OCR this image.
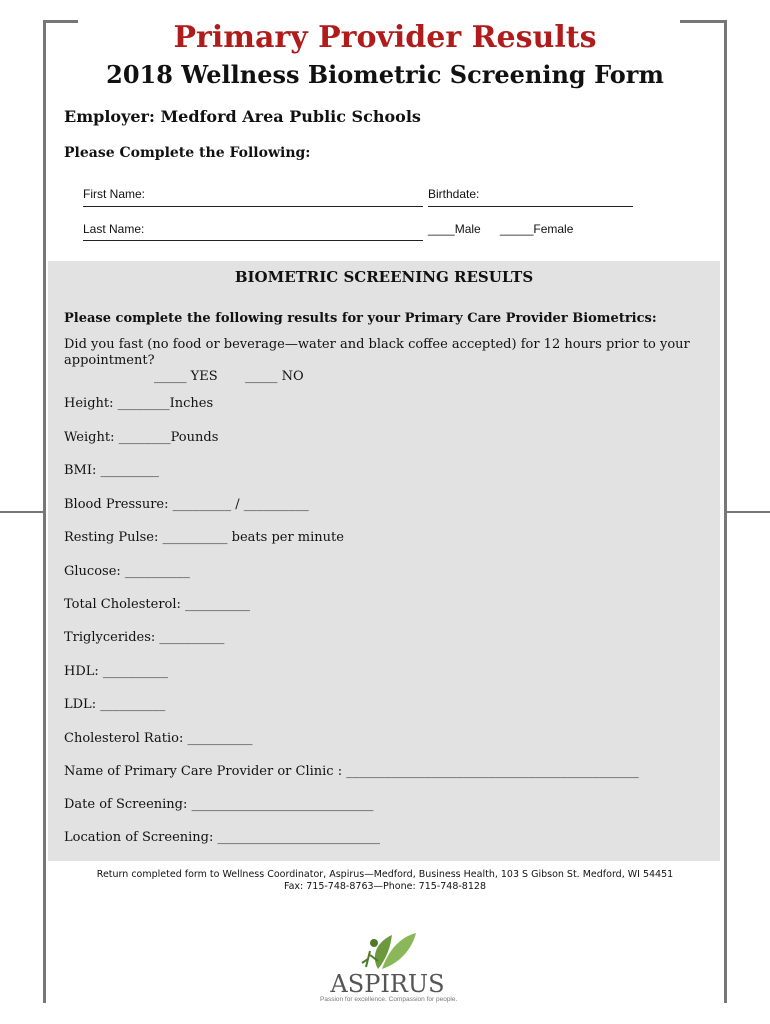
Primary Provider Results
2018 Wellness Biometric Screening Form
Employer: Medford Area Public Schools
Please Complete the Following:
First Name:	Birthdate:
Last Name:	____Male _____Female
BIOMETRIC SCREENING RESULTS
Please complete the following results for your Primary Care Provider Biometrics:
Did you fast (no food or beverage—water and black coffee accepted) for 12 hours prior to your appointment?
_____ YES _____ NO
Height: ________Inches
Weight: ________Pounds
BMI: _________
Blood Pressure: _________ / __________
Resting Pulse: __________ beats per minute
Glucose: __________
Total Cholesterol: __________
Triglycerides: __________
HDL: __________
LDL: __________
Cholesterol Ratio: __________
Name of Primary Care Provider or Clinic : _____________________________________________
Date of Screening: ____________________________
Location of Screening: _________________________
Return completed form to Wellness Coordinator, Aspirus—Medford, Business Health, 103 S Gibson St. Medford, WI 54451
Fax: 715-748-8763—Phone: 715-748-8128
ASPIRUS
Passion for excellence. Compassion for people.
